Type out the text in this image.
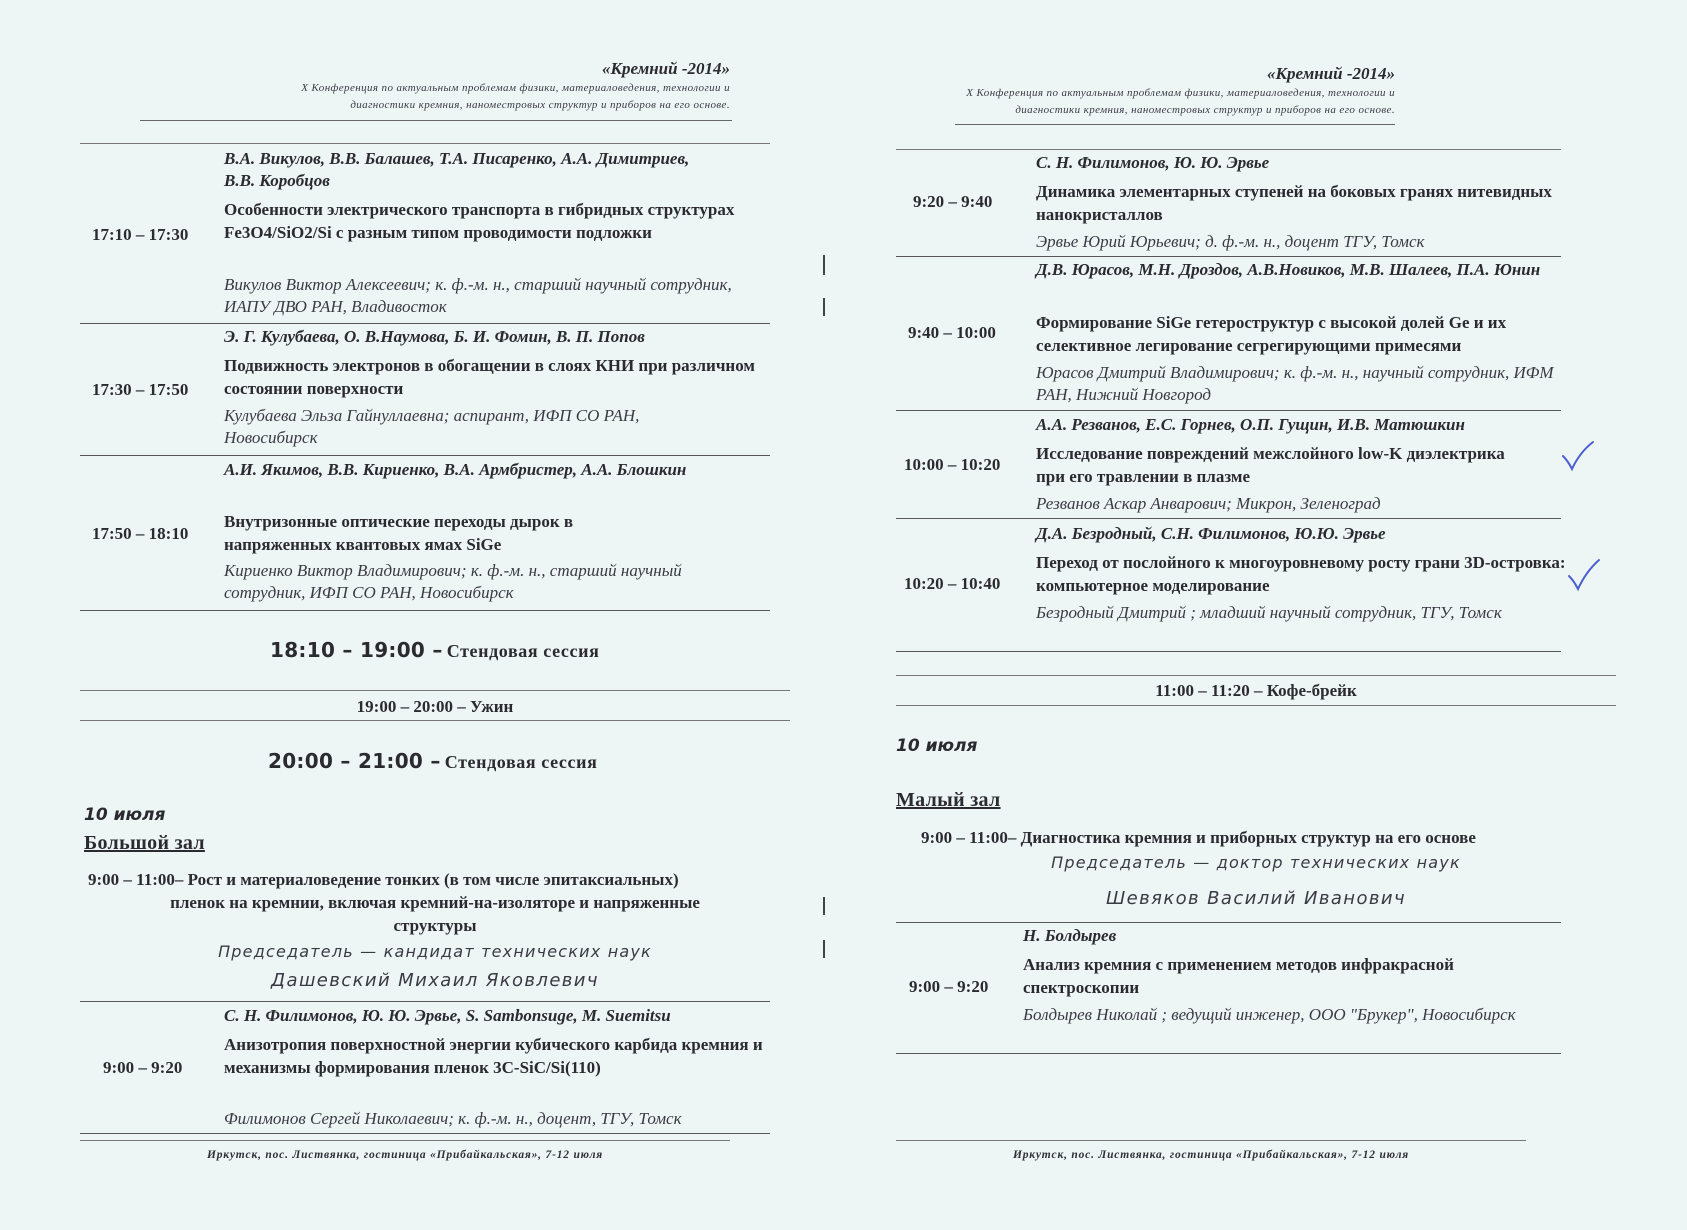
«Кремний -2014»
X Конференция по актуальным проблемам физики, материаловедения, технологии и
диагностики кремния, наноместровых структур и приборов на его основе.
17:10 – 17:30
В.А. Викулов, В.В. Балашев, Т.А. Писаренко, А.А. Димитриев, В.В. Коробцов
Особенности электрического транспорта в гибридных структурах Fe3O4/SiO2/Si с разным типом проводимости подложки
Викулов Виктор Алексеевич; к. ф.-м. н., старший научный сотрудник, ИАПУ ДВО РАН, Владивосток
17:30 – 17:50
Э. Г. Кулубаева, О. В.Наумова, Б. И. Фомин, В. П. Попов
Подвижность электронов в обогащении в слоях КНИ при различном состоянии поверхности
Кулубаева Эльза Гайнуллаевна; аспирант, ИФП СО РАН, Новосибирск
17:50 – 18:10
А.И. Якимов, В.В. Кириенко, В.А. Армбристер, А.А. Блошкин
Внутризонные оптические переходы дырок в напряженных квантовых ямах SiGe
Кириенко Виктор Владимирович; к. ф.-м. н., старший научный сотрудник, ИФП СО РАН, Новосибирск
18:10 – 19:00 – Стендовая сессия
19:00 – 20:00 – Ужин
20:00 – 21:00 – Стендовая сессия
10 июля
Большой зал
9:00 – 11:00– Рост и материаловедение тонких (в том числе эпитаксиальных)
пленок на кремнии, включая кремний-на-изоляторе и напряженные
структуры
Председатель — кандидат технических наук
Дашевский Михаил Яковлевич
9:00 – 9:20
С. Н. Филимонов, Ю. Ю. Эрвье, S. Sambonsuge, M. Suemitsu
Анизотропия поверхностной энергии кубического карбида кремния и механизмы формирования пленок 3C-SiC/Si(110)
Филимонов Сергей Николаевич; к. ф.-м. н., доцент, ТГУ, Томск
Иркутск, пос. Листвянка, гостиница «Прибайкальская», 7-12 июля
«Кремний -2014»
X Конференция по актуальным проблемам физики, материаловедения, технологии и
диагностики кремния, наноместровых структур и приборов на его основе.
9:20 – 9:40
С. Н. Филимонов, Ю. Ю. Эрвье
Динамика элементарных ступеней на боковых гранях нитевидных нанокристаллов
Эрвье Юрий Юрьевич; д. ф.-м. н., доцент ТГУ, Томск
9:40 – 10:00
Д.В. Юрасов, М.Н. Дроздов, А.В.Новиков, М.В. Шалеев, П.А. Юнин
Формирование SiGe гетероструктур с высокой долей Ge и их селективное легирование сегрегирующими примесями
Юрасов Дмитрий Владимирович; к. ф.-м. н., научный сотрудник, ИФМ РАН, Нижний Новгород
10:00 – 10:20
А.А. Резванов, Е.С. Горнев, О.П. Гущин, И.В. Матюшкин
Исследование повреждений межслойного low-K диэлектрика при его травлении в плазме
Резванов Аскар Анварович; Микрон, Зеленоград
10:20 – 10:40
Д.А. Безродный, С.Н. Филимонов, Ю.Ю. Эрвье
Переход от послойного к многоуровневому росту грани 3D-островка: компьютерное моделирование
Безродный Дмитрий ; младший научный сотрудник, ТГУ, Томск
11:00 – 11:20 – Кофе-брейк
10 июля
Малый зал
9:00 – 11:00– Диагностика кремния и приборных структур на его основе
Председатель — доктор технических наук
Шевяков Василий Иванович
9:00 – 9:20
Н. Болдырев
Анализ кремния с применением методов инфракрасной спектроскопии
Болдырев Николай ; ведущий инженер, ООО "Брукер", Новосибирск
Иркутск, пос. Листвянка, гостиница «Прибайкальская», 7-12 июля
